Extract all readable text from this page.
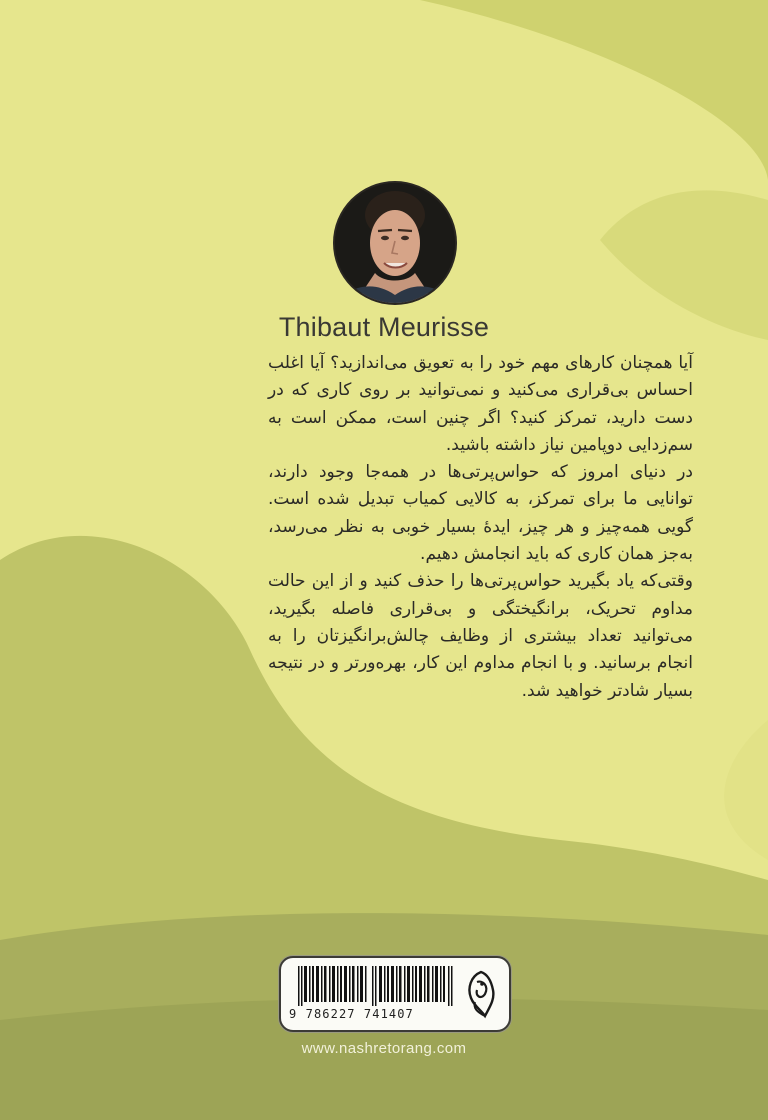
Thibaut Meurisse

آیا همچنان کارهای مهم خود را به تعویق می‌اندازید؟ آیا اغلب احساس بی‌قراری می‌کنید و نمی‌توانید بر روی کاری که در دست دارید، تمرکز کنید؟ اگر چنین است، ممکن است به سم‌زدایی دوپامین نیاز داشته باشید.

در دنیای امروز که حواس‌پرتی‌ها در همه‌جا وجود دارند، توانایی ما برای تمرکز، به کالایی کمیاب تبدیل شده است. گویی همه‌چیز و هر چیز، ایدهٔ بسیار خوبی به نظر می‌رسد، به‌جز همان کاری که باید انجامش دهیم.

وقتی‌که یاد بگیرید حواس‌پرتی‌ها را حذف کنید و از این حالت مداوم تحریک، برانگیختگی و بی‌قراری فاصله بگیرید، می‌توانید تعداد بیشتری از وظایف چالش‌برانگیزتان را به انجام برسانید. و با انجام مداوم این کار، بهره‌ورتر و در نتیجه بسیار شادتر خواهید شد.

9 786227 741407
www.nashretorang.com
